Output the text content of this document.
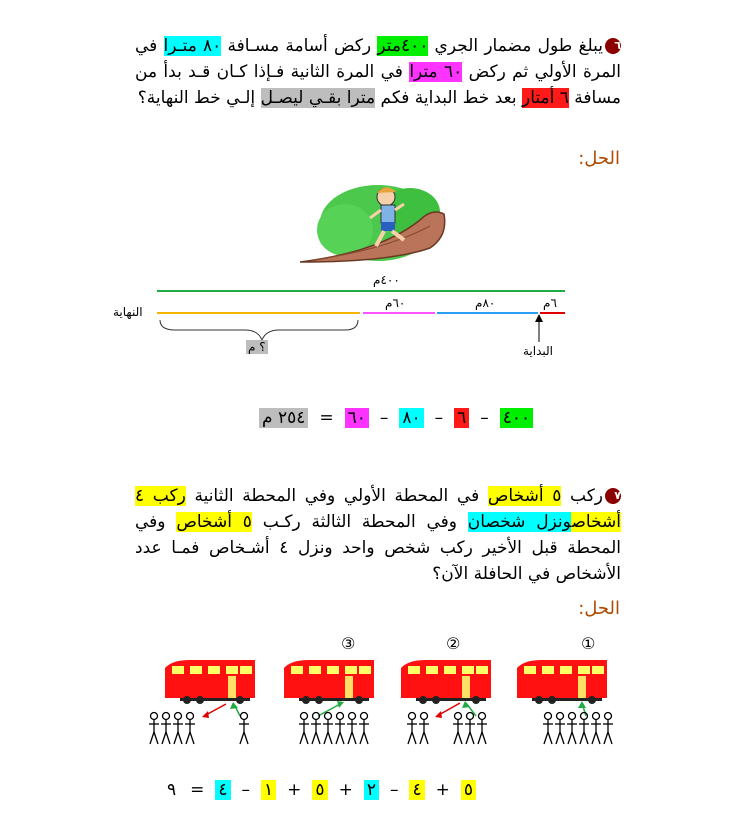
٦يبلغ طول مضمار الجري ٤٠٠متر ركض أسامة مسـافة ٨٠ متـرا في المرة الأولي ثم ركض ٦٠ مترا في المرة الثانية فـإذا كـان قـد بدأ من مسافة ٦ أمتار بعد خط البداية فكم مترا بقـي ليصـل إلـي خط النهاية؟
الحل:
٤٠٠م
٦٠م	٨٠م	٦م
النهاية
البداية
؟ م
٢٥٤ م = ٦٠ – ٨٠ – ٦ – ٤٠٠
٧ركب ٥ أشخاص في المحطة الأولي وفي المحطة الثانية ركب ٤ أشخاصونزل شخصان وفي المحطة الثالثة ركـب ٥ أشخاص وفي المحطة قبل الأخير ركب شخص واحد ونزل ٤ أشـخاص فمـا عدد الأشخاص في الحافلة الآن؟
الحل:
①
②
③
٩ = ٤ – ١ + ٥ + ٢ – ٤ + ٥
